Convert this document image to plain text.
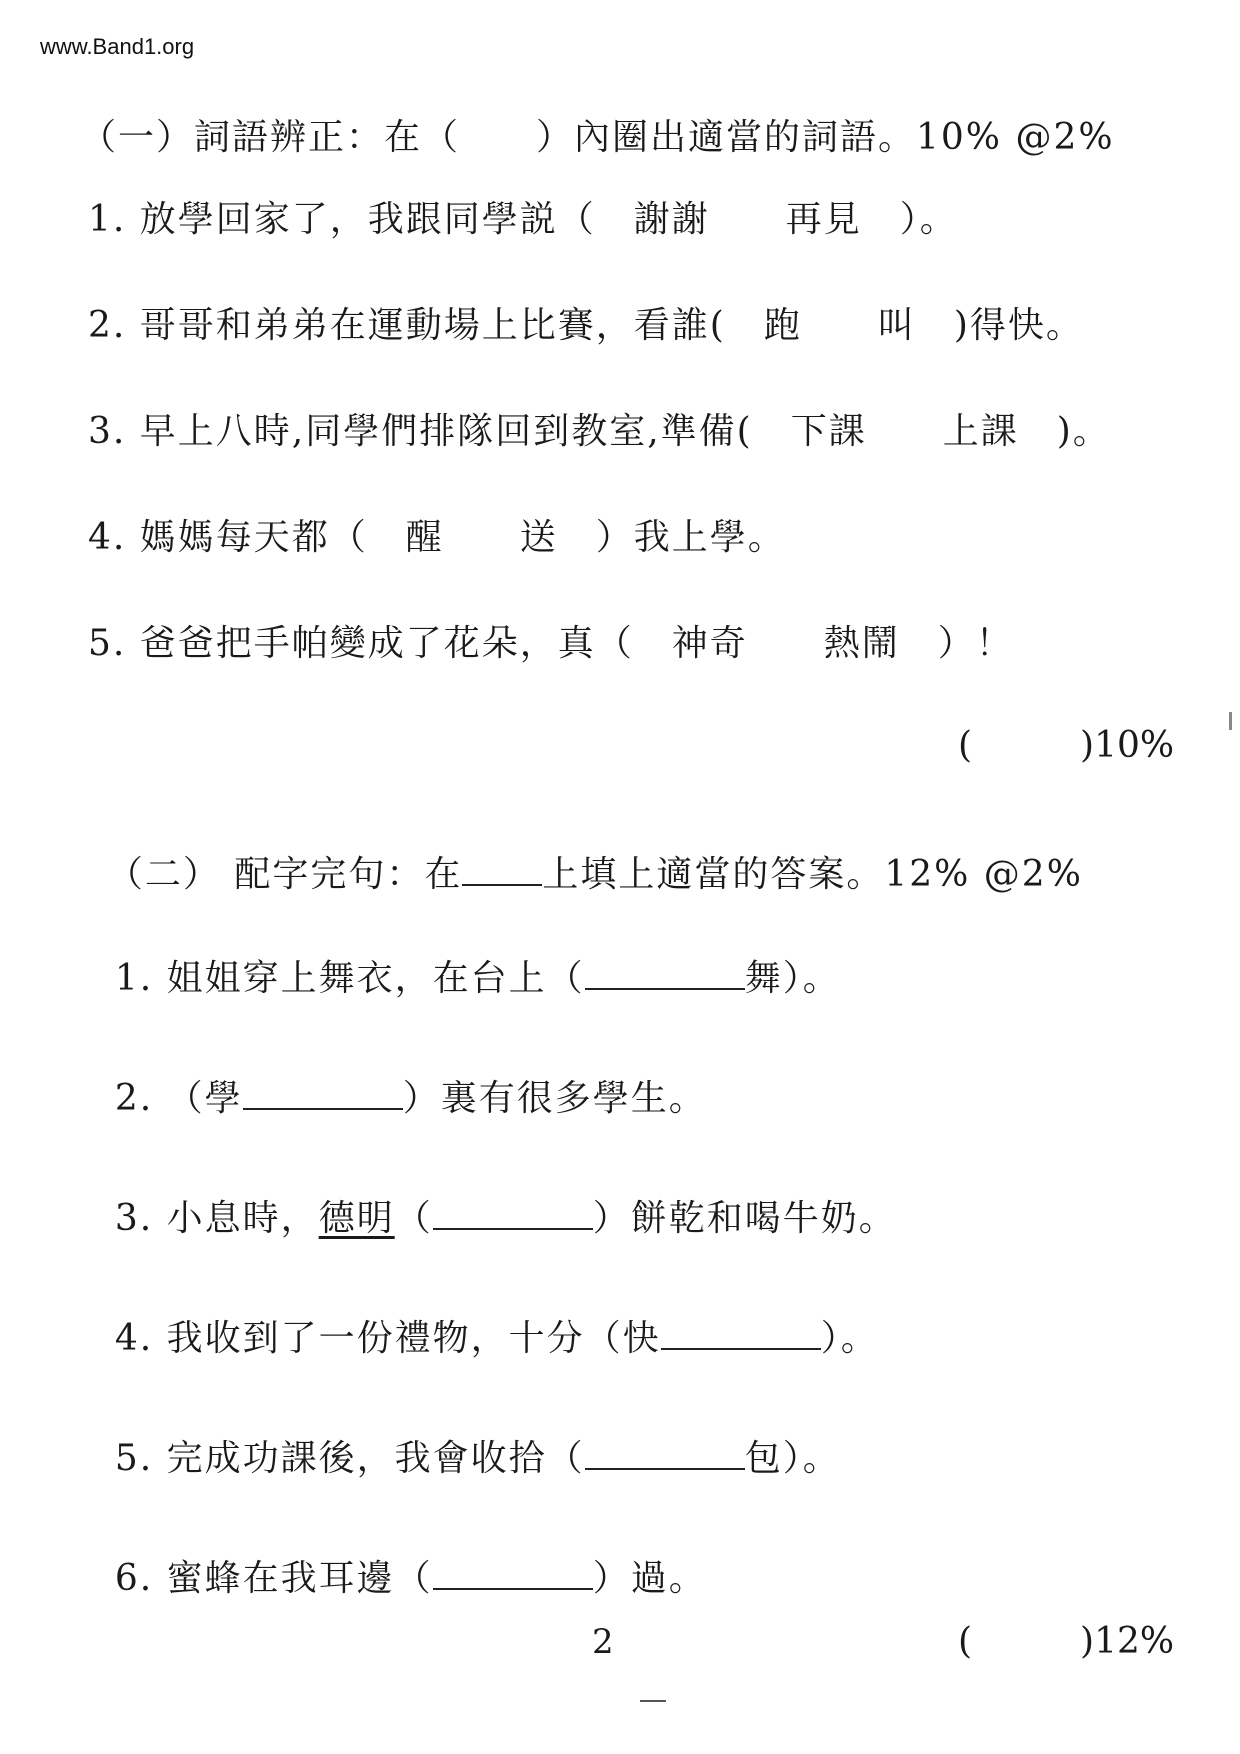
www.Band1.org
（一）詞語辨正：在（　　）內圈出適當的詞語。10% @2%
1. 放學回家了，我跟同學説（　謝謝　　再見　）。
2. 哥哥和弟弟在運動場上比賽，看誰(　跑　　叫　)得快。
3. 早上八時,同學們排隊回到教室,準備(　下課　　上課　)。
4. 媽媽每天都（　醒　　送　）我上學。
5. 爸爸把手帕變成了花朵，真（　神奇　　熱鬧　）！
(　　　)10%

（二） 配字完句：在 上填上適當的答案。12% @2%

1. 姐姐穿上舞衣，在台上（	舞）。

2. （學	）裏有很多學生。

3. 小息時，德明（	）餅乾和喝牛奶。

4. 我收到了一份禮物，十分（快	）。

5. 完成功課後，我會收拾（	包）。

6. 蜜蜂在我耳邊（	）過。

(　　　)12%
2
